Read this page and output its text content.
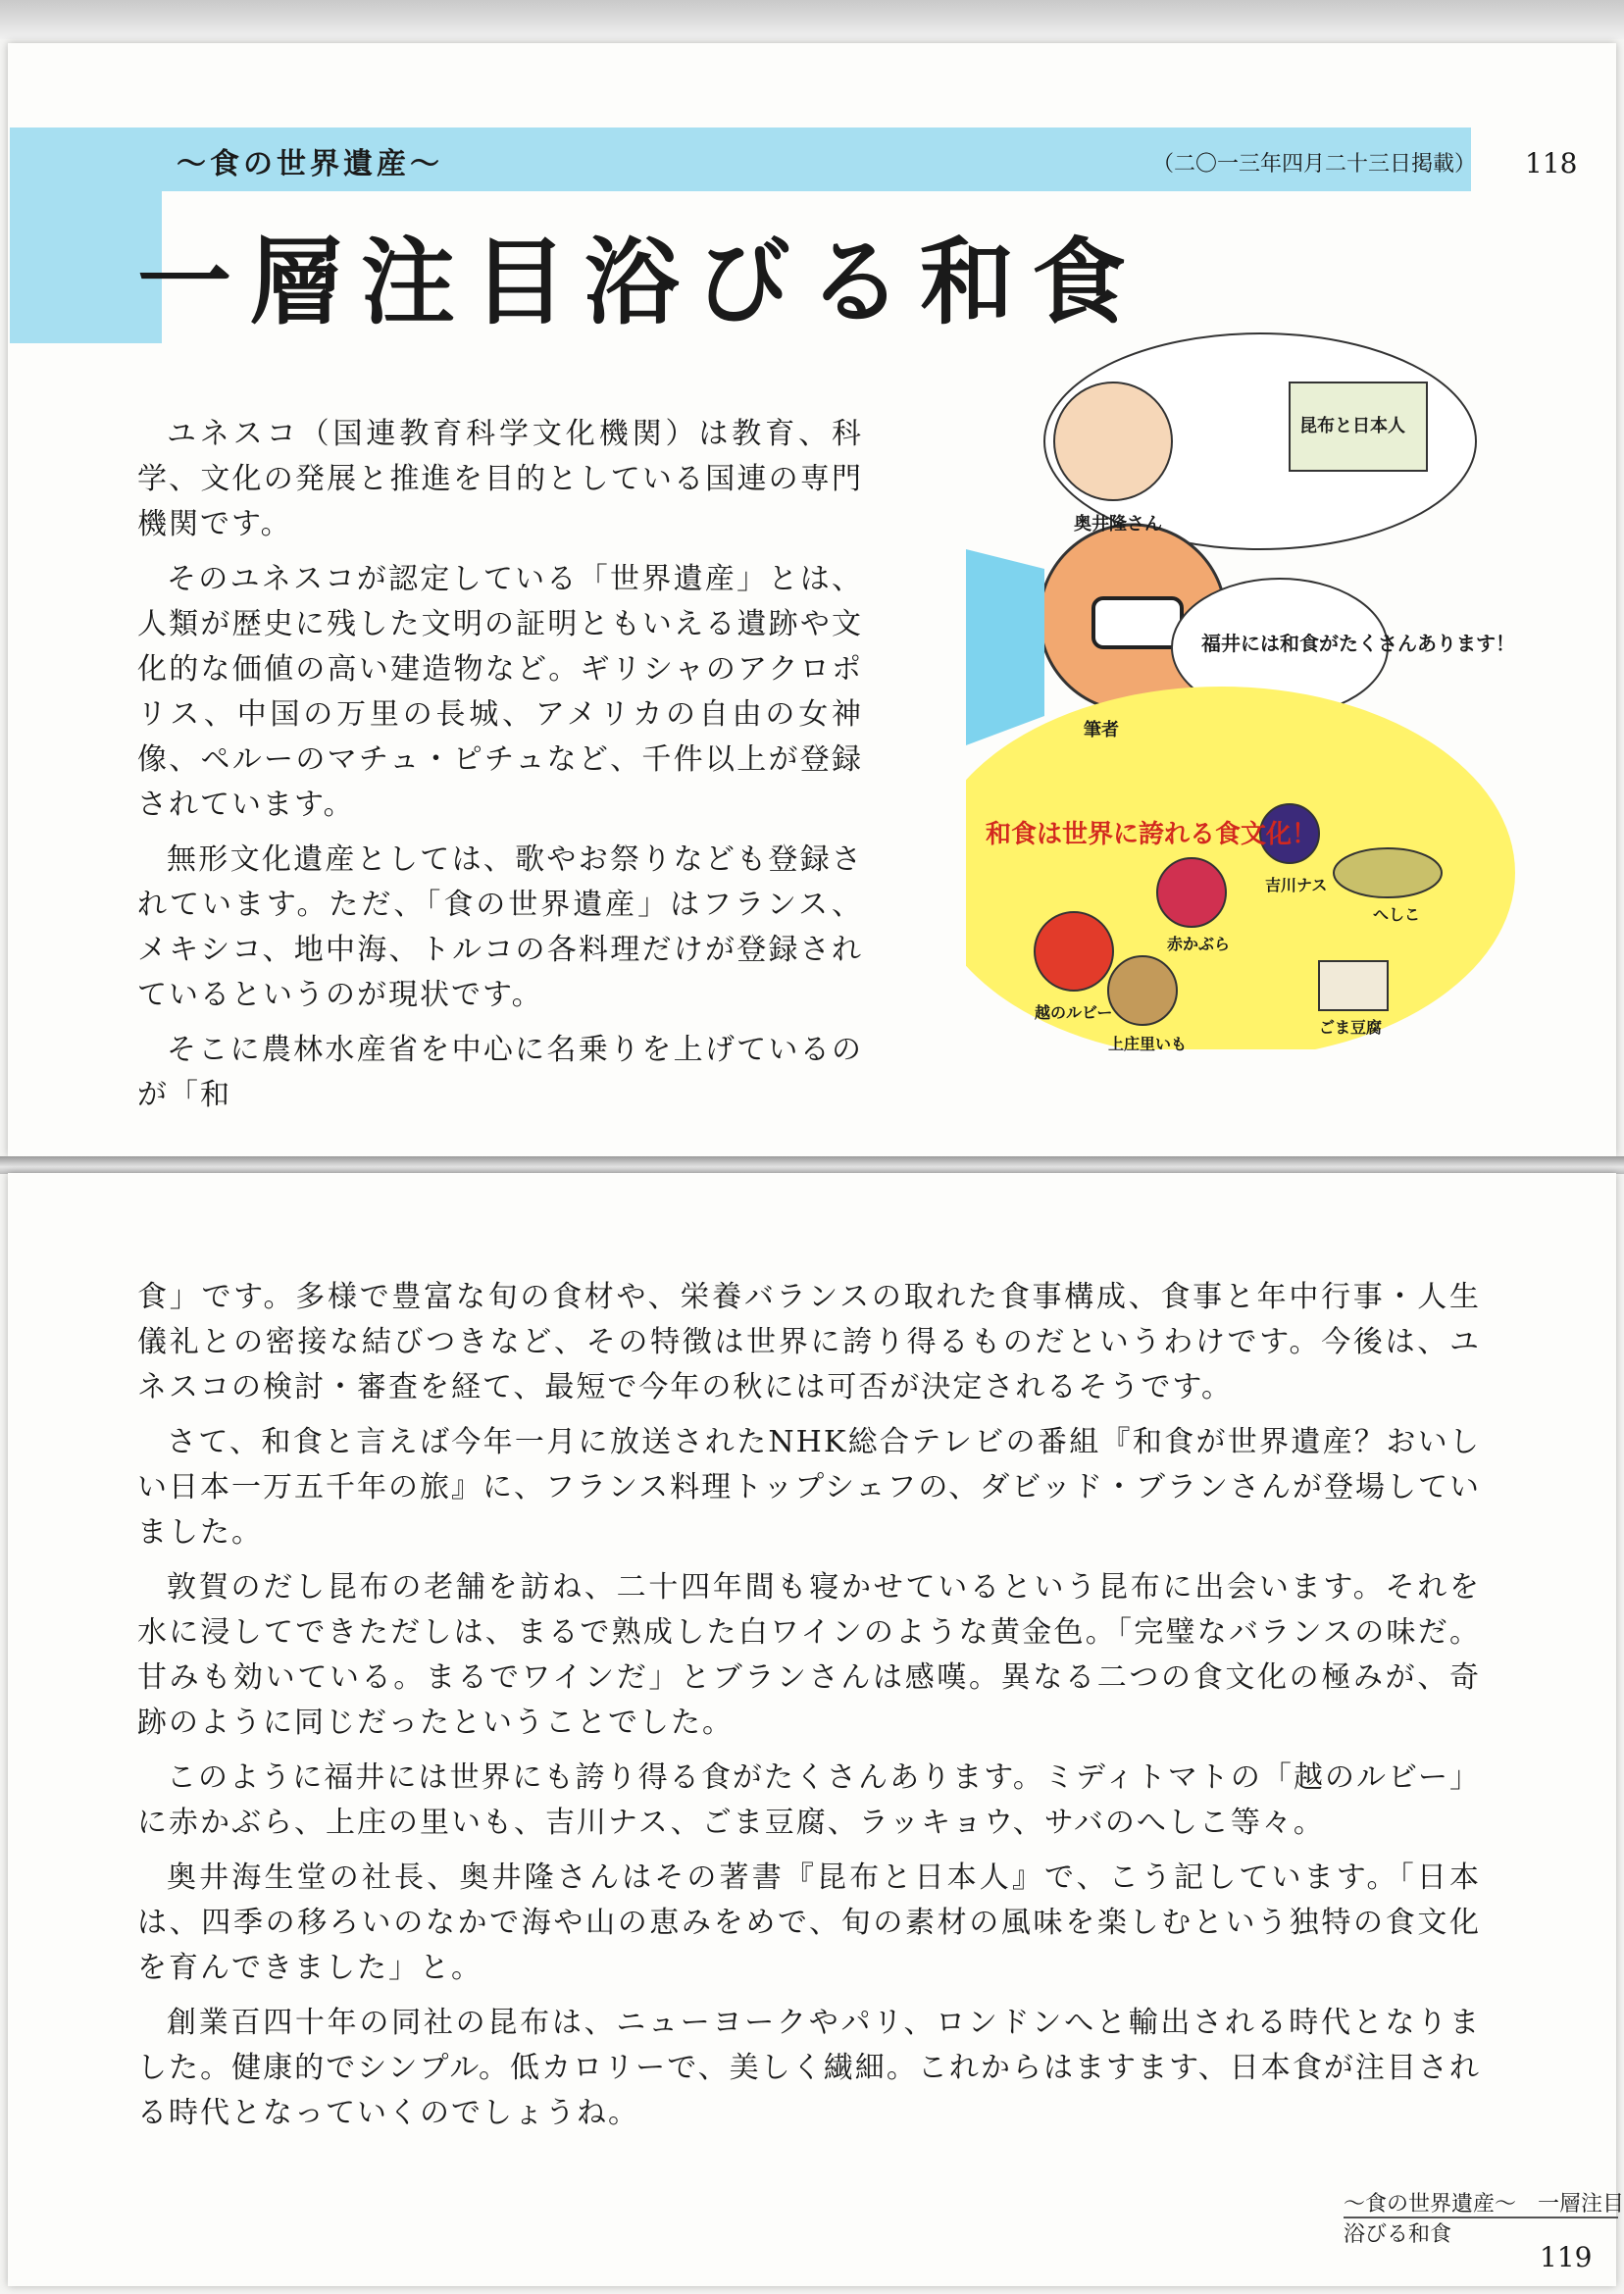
〜食の世界遺産〜	（二〇一三年四月二十三日掲載） 118
一層注目浴びる和食

ユネスコ（国連教育科学文化機関）は教育、科学、文化の発展と推進を目的としている国連の専門機関です。

そのユネスコが認定している「世界遺産」とは、人類が歴史に残した文明の証明ともいえる遺跡や文化的な価値の高い建造物など。ギリシャのアクロポリス、中国の万里の長城、アメリカの自由の女神像、ペルーのマチュ・ピチュなど、千件以上が登録されています。

無形文化遺産としては、歌やお祭りなども登録されています。ただ、「食の世界遺産」はフランス、メキシコ、地中海、トルコの各料理だけが登録されているというのが現状です。

そこに農林水産省を中心に名乗りを上げているのが「和

和食は世界に誇れる食文化！
福井には和食がたくさんあります！
昆布と日本人
奥井隆さん
筆者
越のルビー
赤かぶら
吉川ナス
上庄里いも
へしこ
ごま豆腐

食」です。多様で豊富な旬の食材や、栄養バランスの取れた食事構成、食事と年中行事・人生儀礼との密接な結びつきなど、その特徴は世界に誇り得るものだというわけです。今後は、ユネスコの検討・審査を経て、最短で今年の秋には可否が決定されるそうです。

さて、和食と言えば今年一月に放送されたNHK総合テレビの番組『和食が世界遺産？おいしい日本一万五千年の旅』に、フランス料理トップシェフの、ダビッド・ブランさんが登場していました。

敦賀のだし昆布の老舗を訪ね、二十四年間も寝かせているという昆布に出会います。それを水に浸してできただしは、まるで熟成した白ワインのような黄金色。「完璧なバランスの味だ。甘みも効いている。まるでワインだ」とブランさんは感嘆。異なる二つの食文化の極みが、奇跡のように同じだったということでした。

このように福井には世界にも誇り得る食がたくさんあります。ミディトマトの「越のルビー」に赤かぶら、上庄の里いも、吉川ナス、ごま豆腐、ラッキョウ、サバのへしこ等々。

奥井海生堂の社長、奥井隆さんはその著書『昆布と日本人』で、こう記しています。「日本は、四季の移ろいのなかで海や山の恵みをめで、旬の素材の風味を楽しむという独特の食文化を育んできました」と。

創業百四十年の同社の昆布は、ニューヨークやパリ、ロンドンへと輸出される時代となりました。健康的でシンプル。低カロリーで、美しく繊細。これからはますます、日本食が注目される時代となっていくのでしょうね。

〜食の世界遺産〜　一層注目浴びる和食
119
